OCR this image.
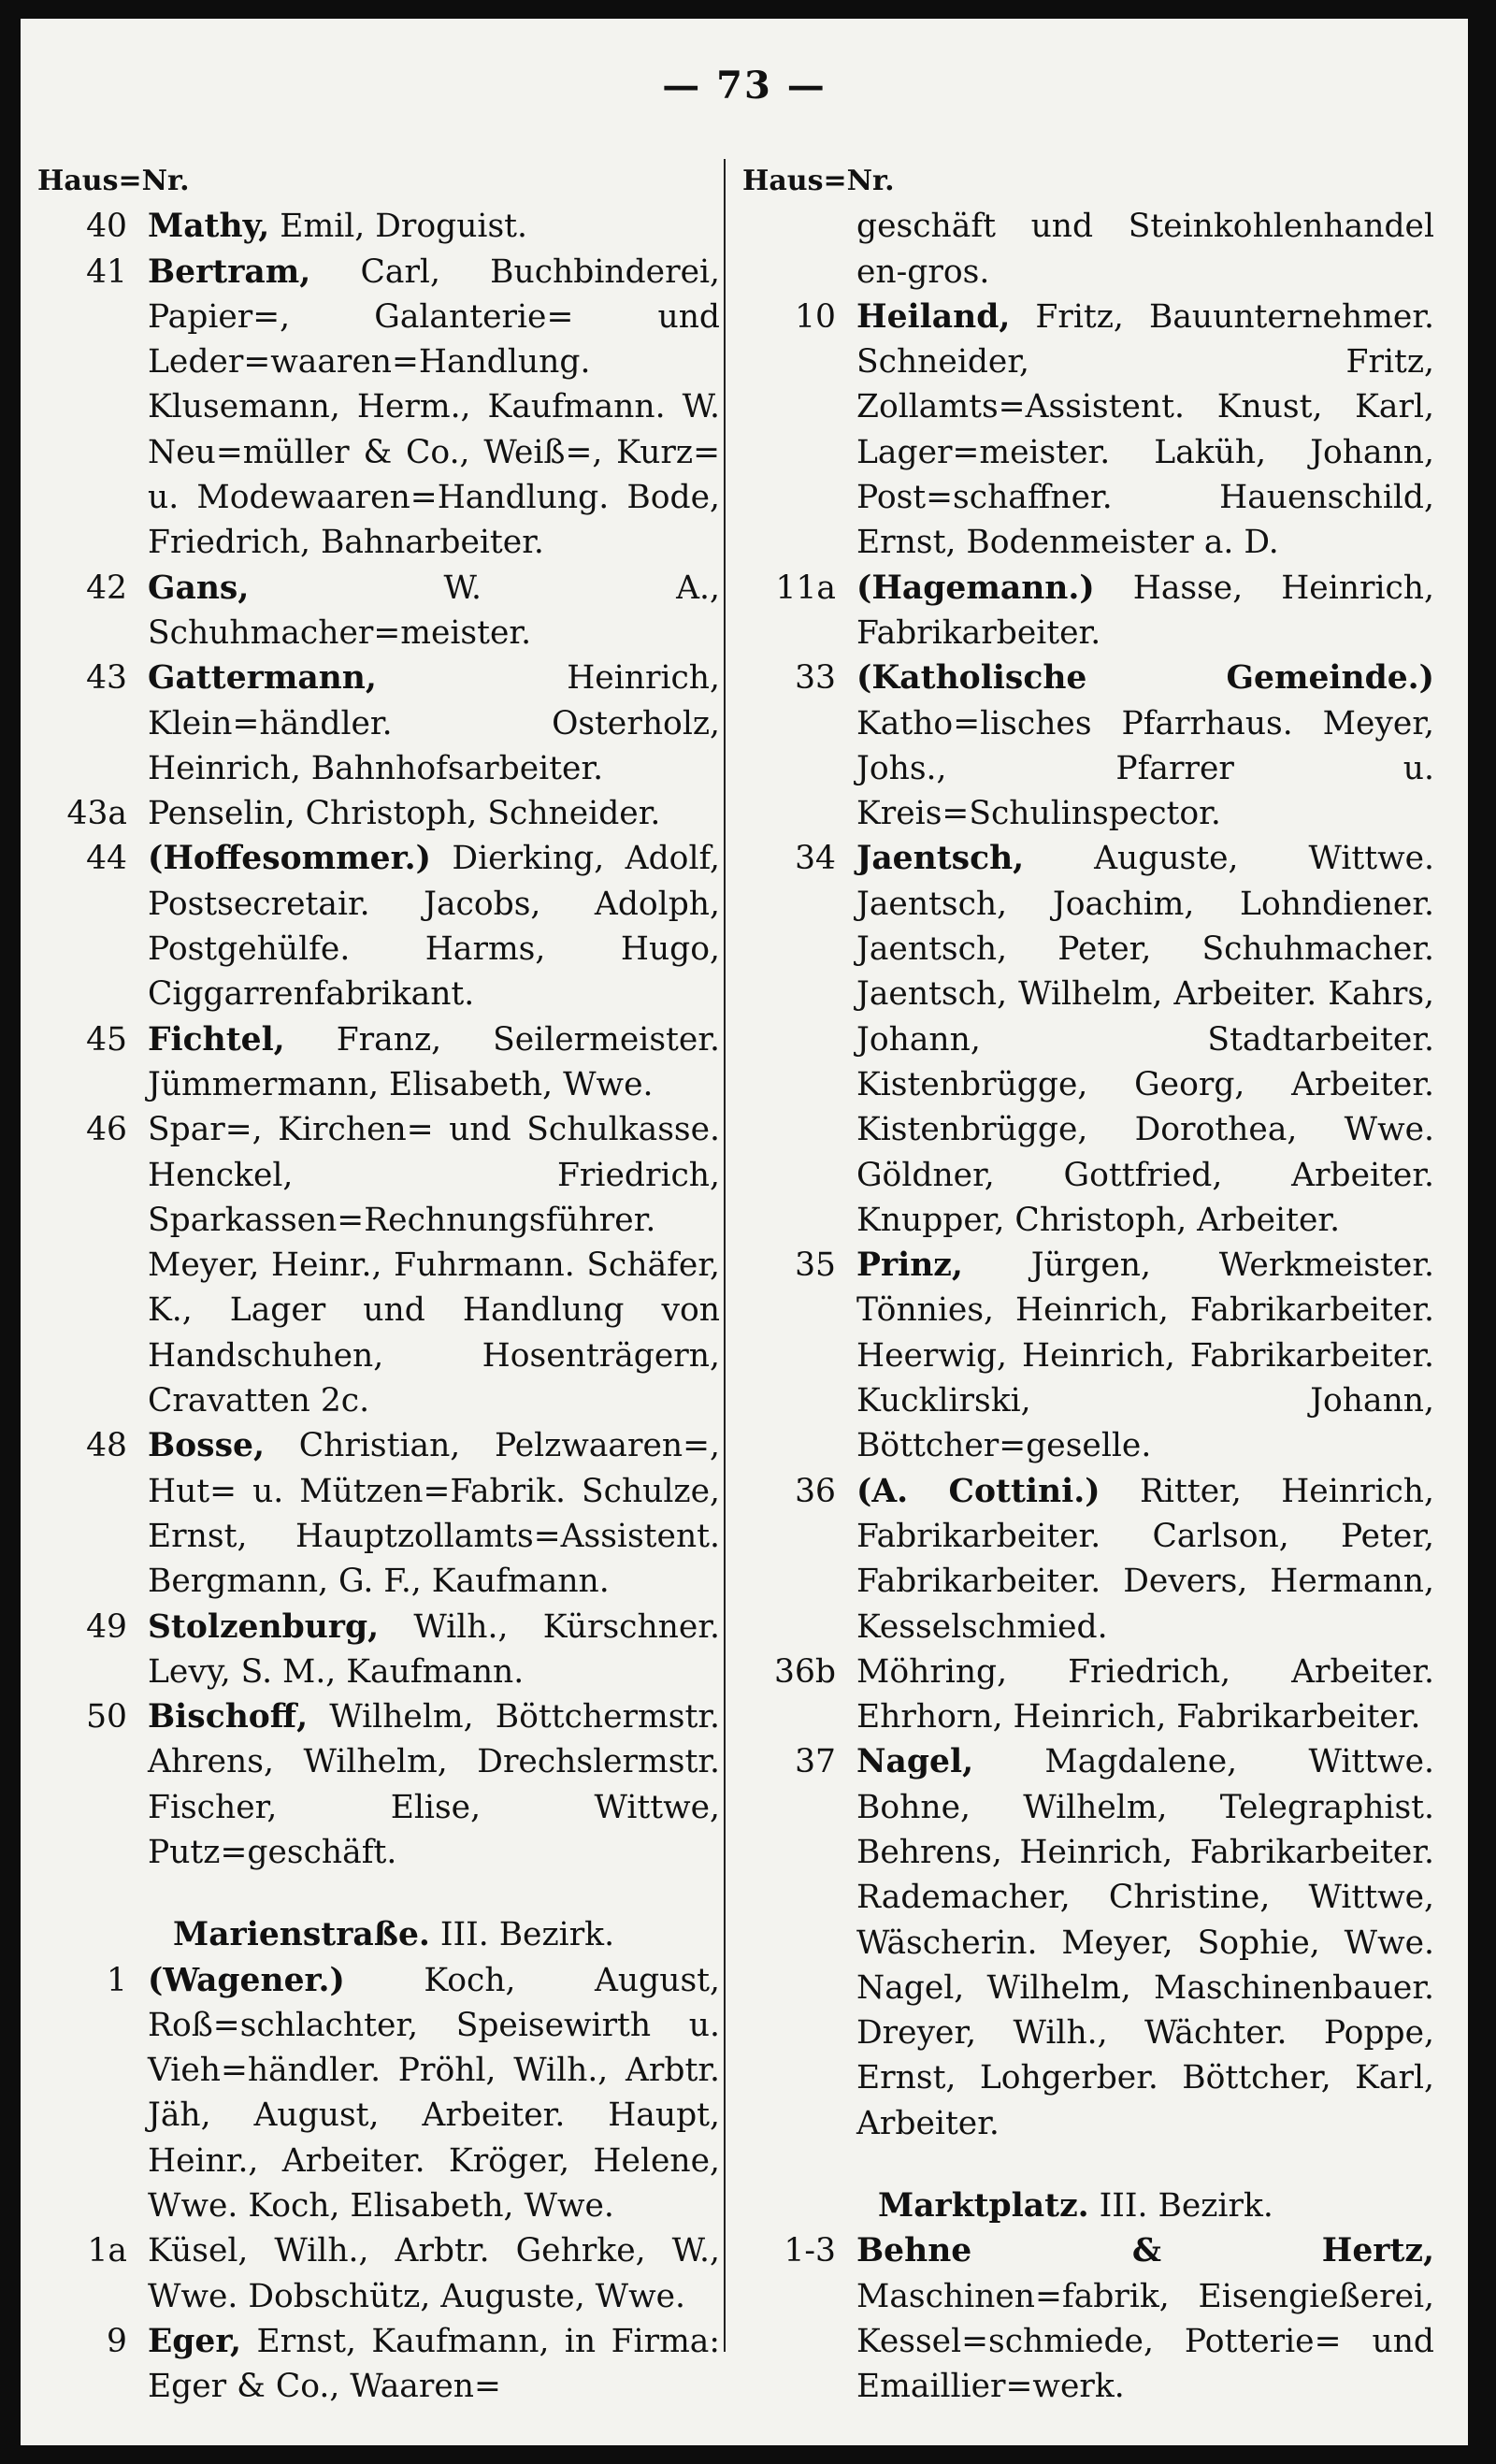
— 73 —
Haus=Nr.
40 Mathy, Emil, Droguist.
41 Bertram, Carl, Buchbinderei, Papier=, Galanterie= und Leder=waaren=Handlung. Klusemann, Herm., Kaufmann. W. Neu=müller & Co., Weiß=, Kurz= u. Modewaaren=Handlung. Bode, Friedrich, Bahnarbeiter.
42 Gans, W. A., Schuhmacher=meister.
43 Gattermann, Heinrich, Klein=händler. Osterholz, Heinrich, Bahnhofsarbeiter.
43a Penselin, Christoph, Schneider.
44 (Hoffesommer.) Dierking, Adolf, Postsecretair. Jacobs, Adolph, Postgehülfe. Harms, Hugo, Ciggarrenfabrikant.
45 Fichtel, Franz, Seilermeister. Jümmermann, Elisabeth, Wwe.
46 Spar=, Kirchen= und Schulkasse. Henckel, Friedrich, Sparkassen=Rechnungsführer. Meyer, Heinr., Fuhrmann. Schäfer, K., Lager und Handlung von Handschuhen, Hosenträgern, Cravatten 2c.
48 Bosse, Christian, Pelzwaaren=, Hut= u. Mützen=Fabrik. Schulze, Ernst, Hauptzollamts=Assistent. Bergmann, G. F., Kaufmann.
49 Stolzenburg, Wilh., Kürschner. Levy, S. M., Kaufmann.
50 Bischoff, Wilhelm, Böttchermstr. Ahrens, Wilhelm, Drechslermstr. Fischer, Elise, Wittwe, Putz=geschäft.
Marienstraße. III. Bezirk.
1 (Wagener.) Koch, August, Roß=schlachter, Speisewirth u. Vieh=händler. Pröhl, Wilh., Arbtr. Jäh, August, Arbeiter. Haupt, Heinr., Arbeiter. Kröger, Helene, Wwe. Koch, Elisabeth, Wwe.
1a Küsel, Wilh., Arbtr. Gehrke, W., Wwe. Dobschütz, Auguste, Wwe.
9 Eger, Ernst, Kaufmann, in Firma: Eger & Co., Waaren=
Haus=Nr.
geschäft und Steinkohlenhandel en-gros.
10 Heiland, Fritz, Bauunternehmer. Schneider, Fritz, Zollamts=Assistent. Knust, Karl, Lager=meister. Laküh, Johann, Post=schaffner. Hauenschild, Ernst, Bodenmeister a. D.
11a (Hagemann.) Hasse, Heinrich, Fabrikarbeiter.
33 (Katholische Gemeinde.) Katho=lisches Pfarrhaus. Meyer, Johs., Pfarrer u. Kreis=Schulinspector.
34 Jaentsch, Auguste, Wittwe. Jaentsch, Joachim, Lohndiener. Jaentsch, Peter, Schuhmacher. Jaentsch, Wilhelm, Arbeiter. Kahrs, Johann, Stadtarbeiter. Kistenbrügge, Georg, Arbeiter. Kistenbrügge, Dorothea, Wwe. Göldner, Gottfried, Arbeiter. Knupper, Christoph, Arbeiter.
35 Prinz, Jürgen, Werkmeister. Tönnies, Heinrich, Fabrikarbeiter. Heerwig, Heinrich, Fabrikarbeiter. Kucklirski, Johann, Böttcher=geselle.
36 (A. Cottini.) Ritter, Heinrich, Fabrikarbeiter. Carlson, Peter, Fabrikarbeiter. Devers, Hermann, Kesselschmied.
36b Möhring, Friedrich, Arbeiter. Ehrhorn, Heinrich, Fabrikarbeiter.
37 Nagel, Magdalene, Wittwe. Bohne, Wilhelm, Telegraphist. Behrens, Heinrich, Fabrikarbeiter. Rademacher, Christine, Wittwe, Wäscherin. Meyer, Sophie, Wwe. Nagel, Wilhelm, Maschinenbauer. Dreyer, Wilh., Wächter. Poppe, Ernst, Lohgerber. Böttcher, Karl, Arbeiter.
Marktplatz. III. Bezirk.
1-3 Behne & Hertz, Maschinen=fabrik, Eisengießerei, Kessel=schmiede, Potterie= und Emaillier=werk.
